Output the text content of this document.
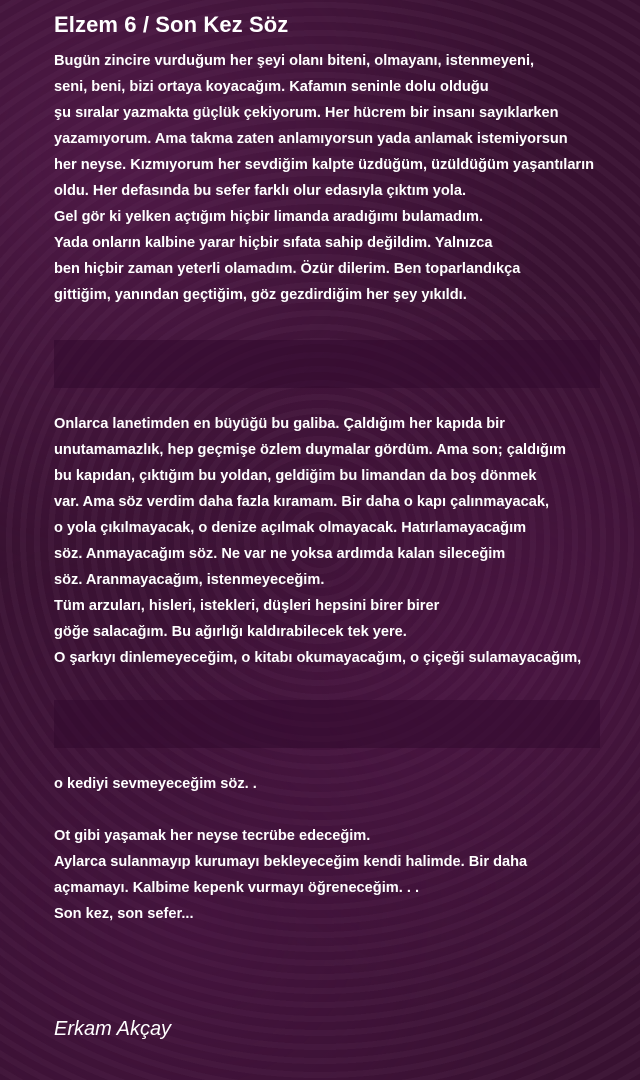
Elzem 6 / Son Kez Söz
Bugün zincire vurduğum her şeyi olanı biteni, olmayanı, istenmeyeni,
seni, beni, bizi ortaya koyacağım. Kafamın seninle dolu olduğu
şu sıralar yazmakta güçlük çekiyorum. Her hücrem bir insanı sayıklarken
yazamıyorum. Ama takma zaten anlamıyorsun yada anlamak istemiyorsun
her neyse. Kızmıyorum her sevdiğim kalpte üzdüğüm, üzüldüğüm yaşantıların
oldu. Her defasında bu sefer farklı olur edasıyla çıktım yola.
Gel gör ki yelken açtığım hiçbir limanda aradığımı bulamadım.
Yada onların kalbine yarar hiçbir sıfata sahip değildim. Yalnızca
ben hiçbir zaman yeterli olamadım. Özür dilerim. Ben toparlandıkça
gittiğim, yanından geçtiğim, göz gezdirdiğim her şey yıkıldı.
Onlarca lanetimden en büyüğü bu galiba. Çaldığım her kapıda bir
unutamamazlık, hep geçmişe özlem duymalar gördüm. Ama son; çaldığım
bu kapıdan, çıktığım bu yoldan, geldiğim bu limandan da boş dönmek
var. Ama söz verdim daha fazla kıramam. Bir daha o kapı çalınmayacak,
o yola çıkılmayacak, o denize açılmak olmayacak. Hatırlamayacağım
söz. Anmayacağım söz. Ne var ne yoksa ardımda kalan sileceğim
söz. Aranmayacağım, istenmeyeceğim.
Tüm arzuları, hisleri, istekleri, düşleri hepsini birer birer
göğe salacağım. Bu ağırlığı kaldırabilecek tek yere.
O şarkıyı dinlemeyeceğim, o kitabı okumayacağım, o çiçeği sulamayacağım,
o kediyi sevmeyeceğim söz. .
Ot gibi yaşamak her neyse tecrübe edeceğim.
Aylarca sulanmayıp kurumayı bekleyeceğim kendi halimde. Bir daha
açmamayı. Kalbime kepenk vurmayı öğreneceğim. . .
Son kez, son sefer...
Erkam Akçay
